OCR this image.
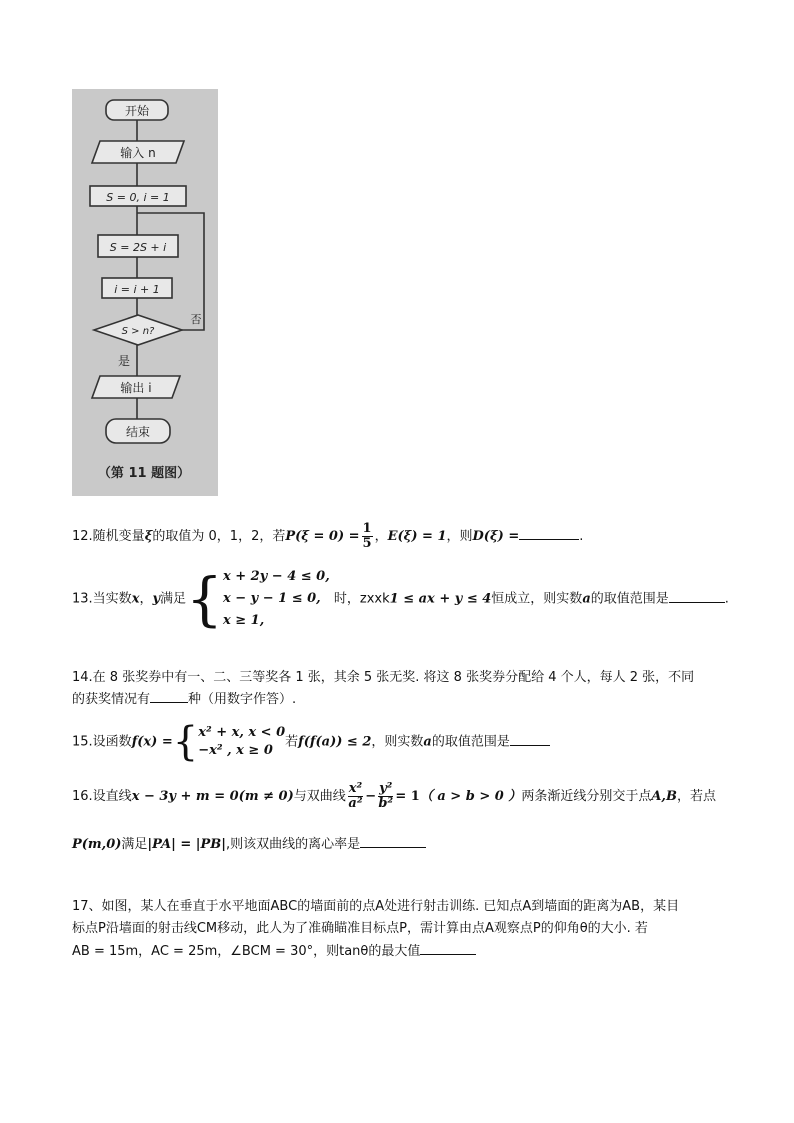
开始
输入 n
S = 0, i = 1
S = 2S + i
i = i + 1
S > n?
否
是
输出 i
结束
（第 11 题图）
12.随机变量ξ的取值为 0，1，2，若$P(\xi = 0) = \frac{1}{5}$ ，E(ξ) = 1，则D(ξ) =	.
13.当实数x，y满足{ x + 2y − 4 ≤ 0,
x − y − 1 ≤ 0,
x ≥ 1,
时，zxxk1 ≤ ax + y ≤ 4恒成立，则实数a的取值范围是	.
14.在 8 张奖券中有一、二、三等奖各 1 张，其余 5 张无奖. 将这 8 张奖券分配给 4 个人，每人 2 张，不同
的获奖情况有	种（用数字作答）.
15.设函数f(x) ={ x² + x, x < 0
−x² , x ≥ 0
若f(f(a)) ≤ 2，则实数a的取值范围是
16.设直线x − 3y + m = 0(m ≠ 0)与双曲线 $\frac{\text{x²}}{\text{a²}} - \frac{\text{y²}}{\text{b²}} = 1$（ a > b > 0 ）两条渐近线分别交于点A,B，若点
P(m,0)满足|PA| = |PB|,则该双曲线的离心率是
17、如图，某人在垂直于水平地面ABC的墙面前的点A处进行射击训练. 已知点A到墙面的距离为AB，某目
标点P沿墙面的射击线CM移动，此人为了准确瞄准目标点P，需计算由点A观察点P的仰角θ的大小. 若
AB = 15m，AC = 25m，∠BCM = 30°，则tanθ的最大值
